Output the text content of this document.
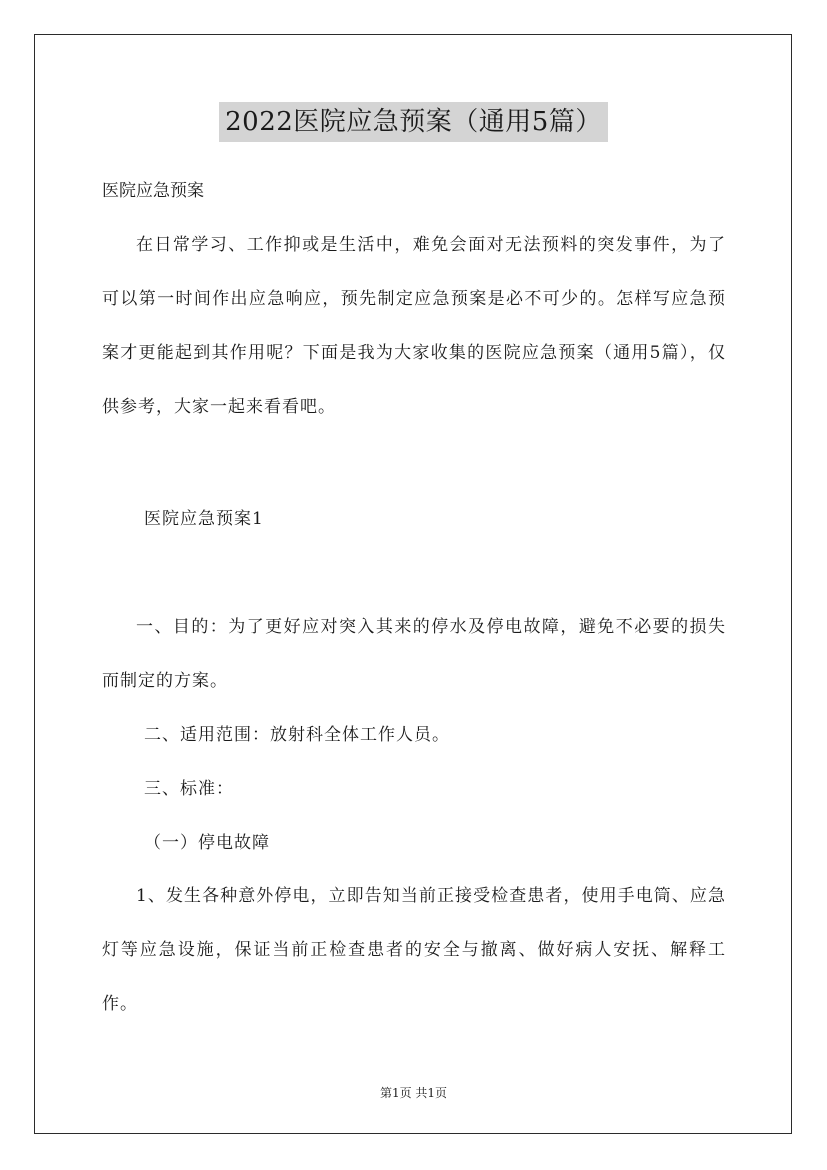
2022医院应急预案（通用5篇）
医院应急预案

在日常学习、工作抑或是生活中，难免会面对无法预料的突发事件，为了可以第一时间作出应急响应，预先制定应急预案是必不可少的。怎样写应急预案才更能起到其作用呢？下面是我为大家收集的医院应急预案（通用5篇），仅供参考，大家一起来看看吧。

医院应急预案1

一、目的：为了更好应对突入其来的停水及停电故障，避免不必要的损失而制定的方案。

二、适用范围：放射科全体工作人员。
三、标准：
（一）停电故障

1、发生各种意外停电，立即告知当前正接受检查患者，使用手电筒、应急灯等应急设施，保证当前正检查患者的安全与撤离、做好病人安抚、解释工作。

第1页 共1页
